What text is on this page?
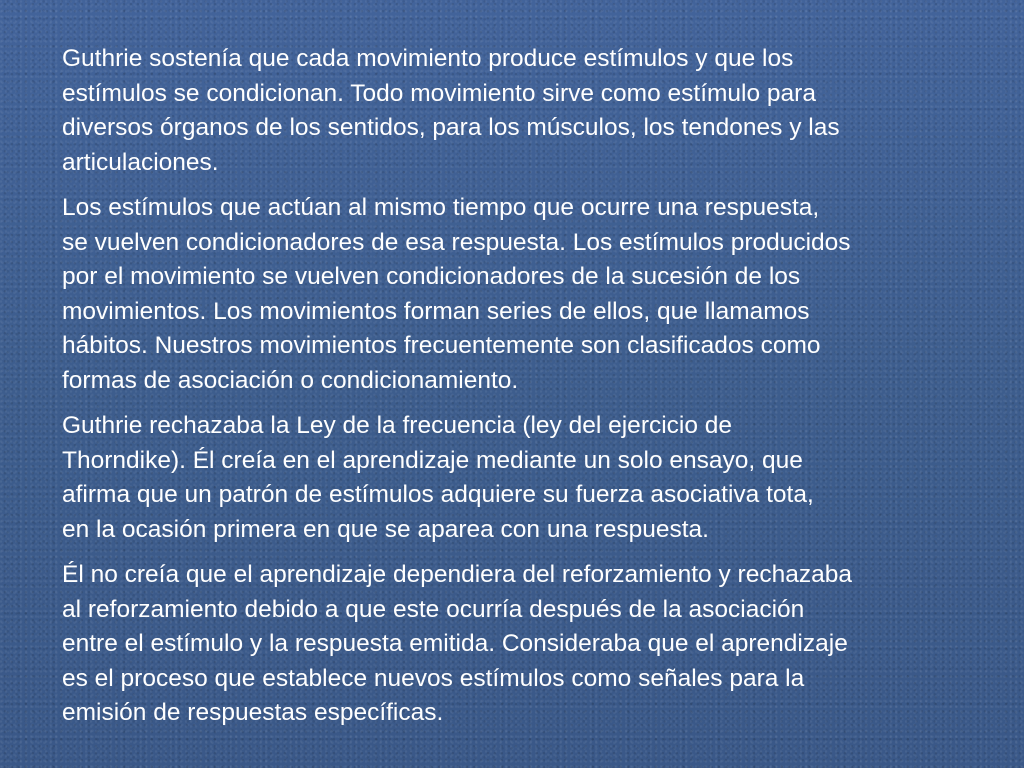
Guthrie sostenía que cada movimiento produce estímulos y que los
estímulos se condicionan. Todo movimiento sirve como estímulo para
diversos órganos de los sentidos, para los músculos, los tendones y las
articulaciones.

Los estímulos que actúan al mismo tiempo que ocurre una respuesta,
se vuelven condicionadores de esa respuesta. Los estímulos producidos
por el movimiento se vuelven condicionadores de la sucesión de los
movimientos. Los movimientos forman series de ellos, que llamamos
hábitos. Nuestros movimientos frecuentemente son clasificados como
formas de asociación o condicionamiento.

Guthrie rechazaba la Ley de la frecuencia (ley del ejercicio de
Thorndike). Él creía en el aprendizaje mediante un solo ensayo, que
afirma que un patrón de estímulos adquiere su fuerza asociativa tota,
en la ocasión primera en que se aparea con una respuesta.

Él no creía que el aprendizaje dependiera del reforzamiento y rechazaba
al reforzamiento debido a que este ocurría después de la asociación
entre el estímulo y la respuesta emitida. Consideraba que el aprendizaje
es el proceso que establece nuevos estímulos como señales para la
emisión de respuestas específicas.
